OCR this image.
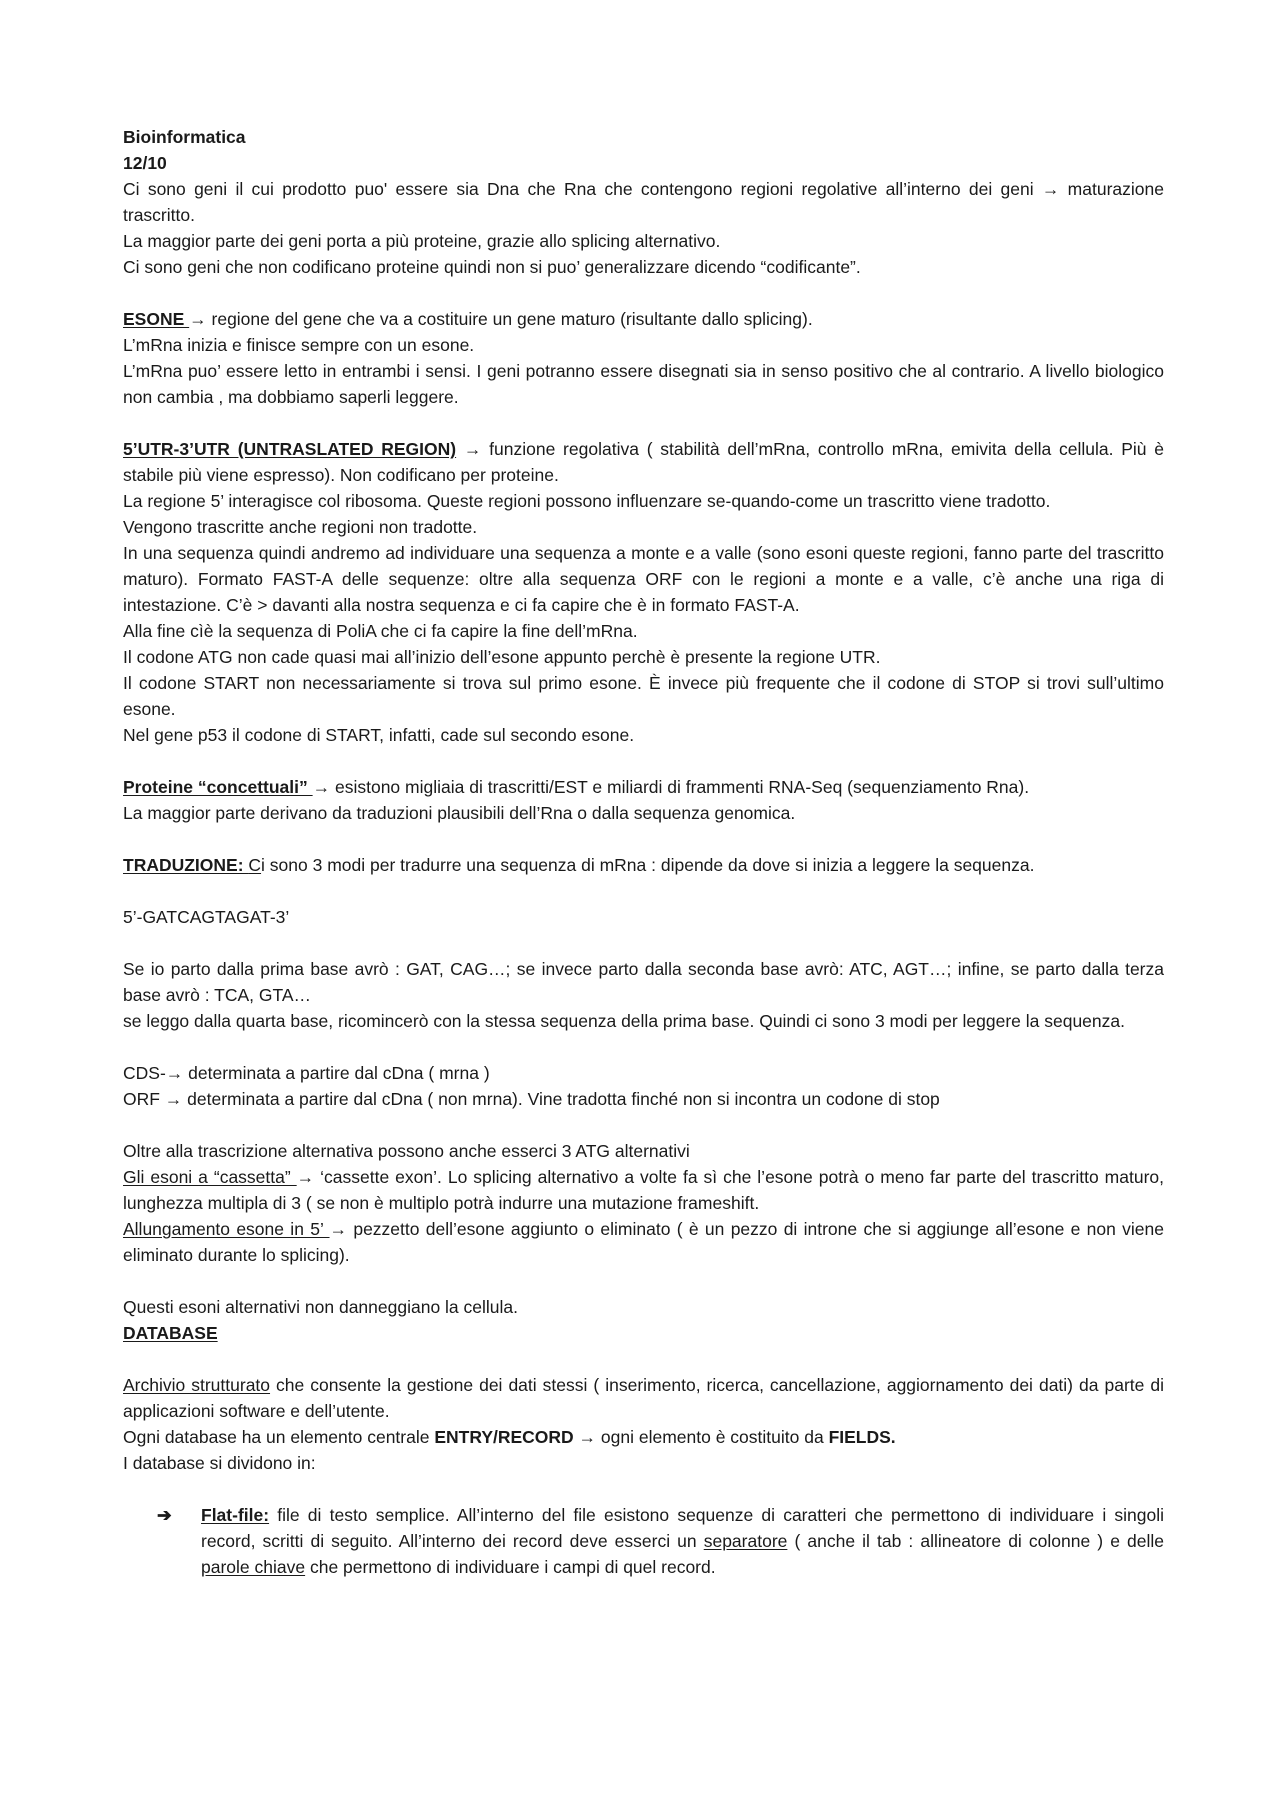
Bioinformatica

12/10

Ci sono geni il cui prodotto puo' essere sia Dna che Rna che contengono regioni regolative all’interno dei geni → maturazione trascritto.

La maggior parte dei geni porta a più proteine, grazie allo splicing alternativo.

Ci sono geni che non codificano proteine quindi non si puo’ generalizzare dicendo “codificante”.

ESONE → regione del gene che va a costituire un gene maturo (risultante dallo splicing).

L’mRna inizia e finisce sempre con un esone.

L’mRna puo’ essere letto in entrambi i sensi. I geni potranno essere disegnati sia in senso positivo che al contrario. A livello biologico non cambia , ma dobbiamo saperli leggere.

5’UTR-3’UTR (UNTRASLATED REGION) → funzione regolativa ( stabilità dell’mRna, controllo mRna, emivita della cellula. Più è stabile più viene espresso). Non codificano per proteine.

La regione 5’ interagisce col ribosoma. Queste regioni possono influenzare se-quando-come un trascritto viene tradotto.

Vengono trascritte anche regioni non tradotte.

In una sequenza quindi andremo ad individuare una sequenza a monte e a valle (sono esoni queste regioni, fanno parte del trascritto maturo). Formato FAST-A delle sequenze: oltre alla sequenza ORF con le regioni a monte e a valle, c’è anche una riga di intestazione. C’è > davanti alla nostra sequenza e ci fa capire che è in formato FAST-A.

Alla fine cìè la sequenza di PoliA che ci fa capire la fine dell’mRna.

Il codone ATG non cade quasi mai all’inizio dell’esone appunto perchè è presente la regione UTR.

Il codone START non necessariamente si trova sul primo esone. È invece più frequente che il codone di STOP si trovi sull’ultimo esone.

Nel gene p53 il codone di START, infatti, cade sul secondo esone.

Proteine “concettuali” → esistono migliaia di trascritti/EST e miliardi di frammenti RNA-Seq (sequenziamento Rna).

La maggior parte derivano da traduzioni plausibili dell’Rna o dalla sequenza genomica.

TRADUZIONE: Ci sono 3 modi per tradurre una sequenza di mRna : dipende da dove si inizia a leggere la sequenza.

5’-GATCAGTAGAT-3’

Se io parto dalla prima base avrò : GAT, CAG…; se invece parto dalla seconda base avrò: ATC, AGT…; infine, se parto dalla terza base avrò : TCA, GTA…

se leggo dalla quarta base, ricomincerò con la stessa sequenza della prima base. Quindi ci sono 3 modi per leggere la sequenza.

CDS-→ determinata a partire dal cDna ( mrna )

ORF → determinata a partire dal cDna ( non mrna). Vine tradotta finché non si incontra un codone di stop

Oltre alla trascrizione alternativa possono anche esserci 3 ATG alternativi

Gli esoni a “cassetta” → ‘cassette exon’. Lo splicing alternativo a volte fa sì che l’esone potrà o meno far parte del trascritto maturo, lunghezza multipla di 3 ( se non è multiplo potrà indurre una mutazione frameshift.

Allungamento esone in 5’ → pezzetto dell’esone aggiunto o eliminato ( è un pezzo di introne che si aggiunge all’esone e non viene eliminato durante lo splicing).

Questi esoni alternativi non danneggiano la cellula.

DATABASE

Archivio strutturato che consente la gestione dei dati stessi ( inserimento, ricerca, cancellazione, aggiornamento dei dati) da parte di applicazioni software e dell’utente.

Ogni database ha un elemento centrale ENTRY/RECORD → ogni elemento è costituito da FIELDS.

I database si dividono in:

➔	Flat-file: file di testo semplice. All’interno del file esistono sequenze di caratteri che permettono di individuare i singoli record, scritti di seguito. All’interno dei record deve esserci un separatore ( anche il tab : allineatore di colonne ) e delle parole chiave che permettono di individuare i campi di quel record.
